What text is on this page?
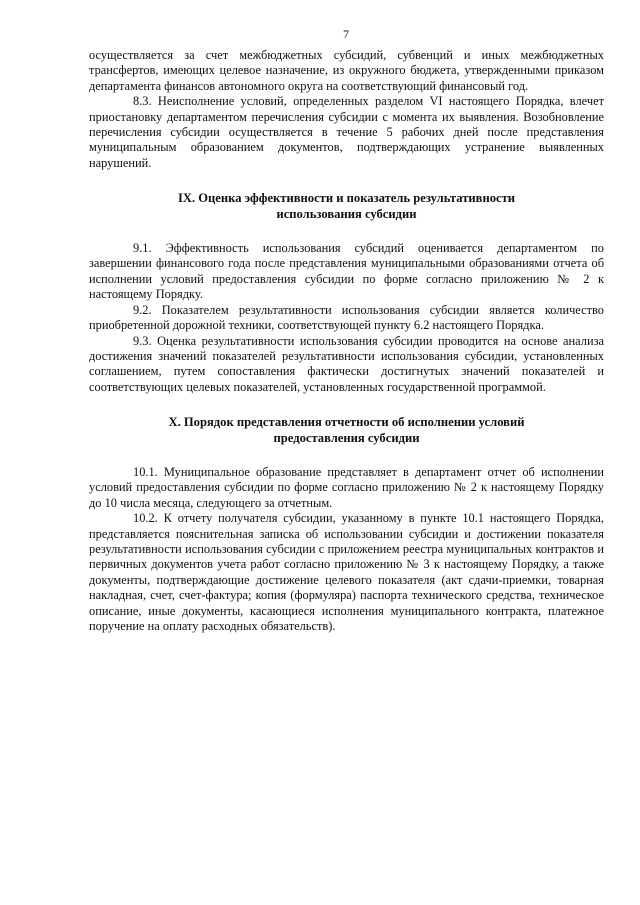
7

осуществляется за счет межбюджетных субсидий, субвенций и иных межбюджетных трансфертов, имеющих целевое назначение, из окружного бюджета, утвержденными приказом департамента финансов автономного округа на соответствующий финансовый год.

8.3. Неисполнение условий, определенных разделом VI настоящего Порядка, влечет приостановку департаментом перечисления субсидии с момента их выявления. Возобновление перечисления субсидии осуществляется в течение 5 рабочих дней после представления муниципальным образованием документов, подтверждающих устранение выявленных нарушений.

IX. Оценка эффективности и показатель результативности

использования субсидии

9.1. Эффективность использования субсидий оценивается департаментом по завершении финансового года после представления муниципальными образованиями отчета об исполнении условий предоставления субсидии по форме согласно приложению № 2 к настоящему Порядку.

9.2. Показателем результативности использования субсидии является количество приобретенной дорожной техники, соответствующей пункту 6.2 настоящего Порядка.

9.3. Оценка результативности использования субсидии проводится на основе анализа достижения значений показателей результативности использования субсидии, установленных соглашением, путем сопоставления фактически достигнутых значений показателей и соответствующих целевых показателей, установленных государственной программой.

X. Порядок представления отчетности об исполнении условий

предоставления субсидии

10.1. Муниципальное образование представляет в департамент отчет об исполнении условий предоставления субсидии по форме согласно приложению № 2 к настоящему Порядку до 10 числа месяца, следующего за отчетным.

10.2. К отчету получателя субсидии, указанному в пункте 10.1 настоящего Порядка, представляется пояснительная записка об использовании субсидии и достижении показателя результативности использования субсидии с приложением реестра муниципальных контрактов и первичных документов учета работ согласно приложению № 3 к настоящему Порядку, а также документы, подтверждающие достижение целевого показателя (акт сдачи-приемки, товарная накладная, счет, счет-фактура; копия (формуляра) паспорта технического средства, техническое описание, иные документы, касающиеся исполнения муниципального контракта, платежное поручение на оплату расходных обязательств).
